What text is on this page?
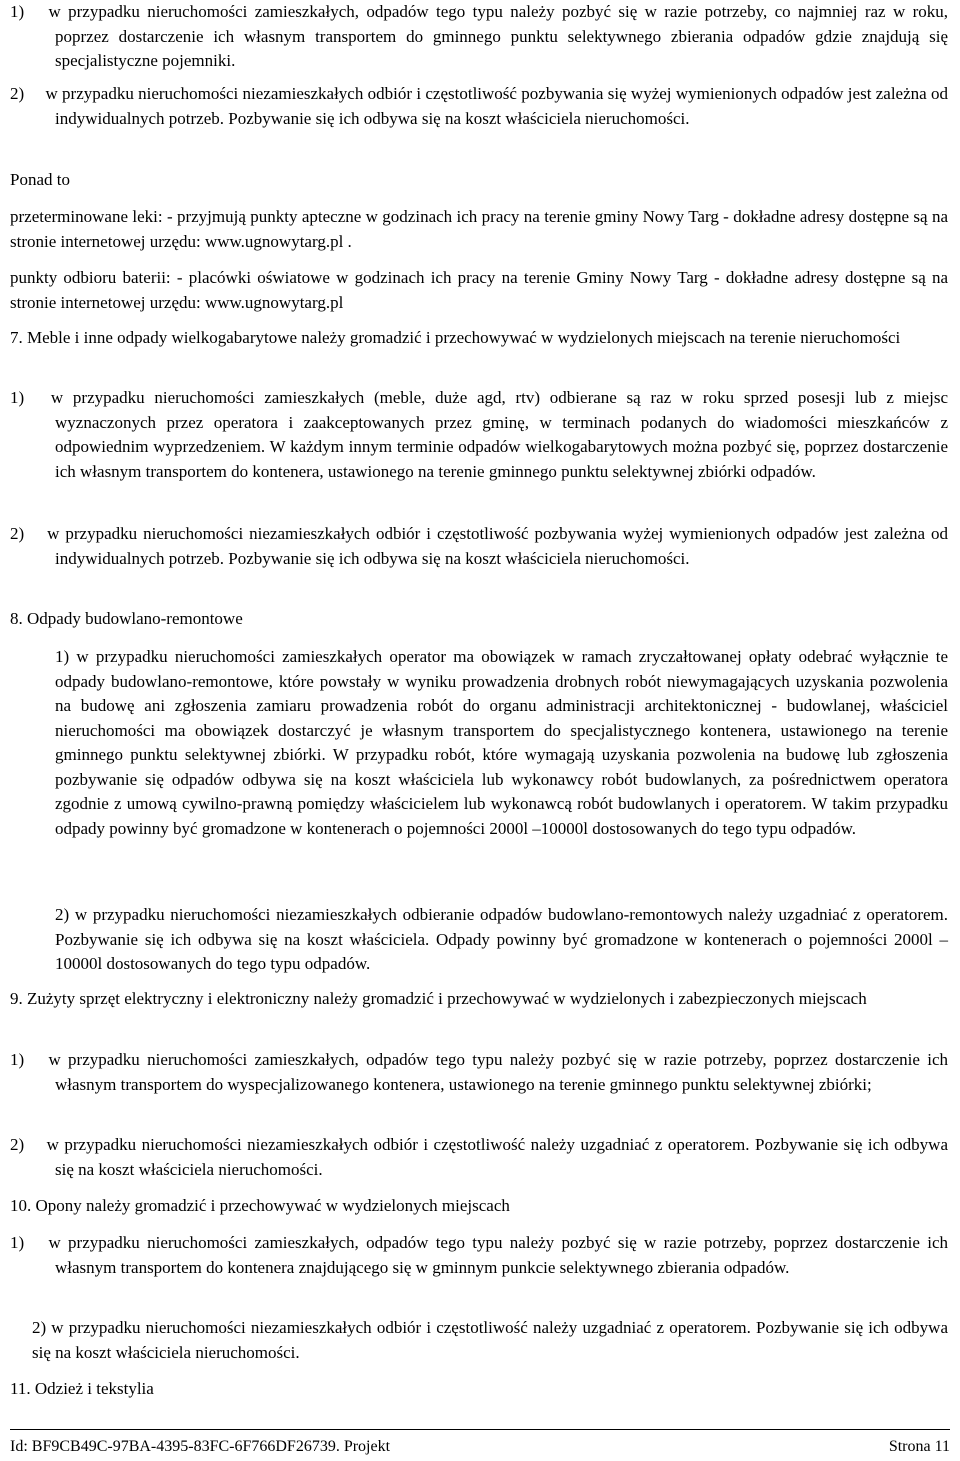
1)  w przypadku nieruchomości zamieszkałych, odpadów tego typu należy pozbyć się w razie potrzeby, co najmniej raz w roku, poprzez dostarczenie ich własnym transportem do gminnego punktu selektywnego zbierania odpadów gdzie znajdują się specjalistyczne pojemniki.

2)  w przypadku nieruchomości niezamieszkałych odbiór i częstotliwość pozbywania się wyżej wymienionych odpadów jest zależna od indywidualnych potrzeb. Pozbywanie się ich odbywa się na koszt właściciela nieruchomości.

Ponad to

przeterminowane leki: - przyjmują punkty apteczne w godzinach ich pracy na terenie gminy Nowy Targ - dokładne adresy dostępne są na stronie internetowej urzędu: www.ugnowytarg.pl .

punkty odbioru baterii: - placówki oświatowe w godzinach ich pracy na terenie Gminy Nowy Targ - dokładne adresy dostępne są na stronie internetowej urzędu: www.ugnowytarg.pl

7. Meble i inne odpady wielkogabarytowe należy gromadzić i przechowywać w wydzielonych miejscach na terenie nieruchomości

1)  w przypadku nieruchomości zamieszkałych (meble, duże agd, rtv) odbierane są raz w roku sprzed posesji lub z miejsc wyznaczonych przez operatora i zaakceptowanych przez gminę, w terminach podanych do wiadomości mieszkańców z odpowiednim wyprzedzeniem. W każdym innym terminie odpadów wielkogabarytowych można pozbyć się, poprzez dostarczenie ich własnym transportem do kontenera, ustawionego na terenie gminnego punktu selektywnej zbiórki odpadów.

2)  w przypadku nieruchomości niezamieszkałych odbiór i częstotliwość pozbywania wyżej wymienionych odpadów jest zależna od indywidualnych potrzeb. Pozbywanie się ich odbywa się na koszt właściciela nieruchomości.

8. Odpady budowlano-remontowe

1) w przypadku nieruchomości zamieszkałych operator ma obowiązek w ramach zryczałtowanej opłaty odebrać wyłącznie te odpady budowlano-remontowe, które powstały w wyniku prowadzenia drobnych robót niewymagających uzyskania pozwolenia na budowę ani zgłoszenia zamiaru prowadzenia robót do organu administracji architektonicznej - budowlanej, właściciel nieruchomości ma obowiązek dostarczyć je własnym transportem do specjalistycznego kontenera, ustawionego na terenie gminnego punktu selektywnej zbiórki. W przypadku robót, które wymagają uzyskania pozwolenia na budowę lub zgłoszenia pozbywanie się odpadów odbywa się na koszt właściciela lub wykonawcy robót budowlanych, za pośrednictwem operatora zgodnie z umową cywilno-prawną pomiędzy właścicielem lub wykonawcą robót budowlanych i operatorem. W takim przypadku odpady powinny być gromadzone w kontenerach o pojemności 2000l –10000l dostosowanych do tego typu odpadów.

2) w przypadku nieruchomości niezamieszkałych odbieranie odpadów budowlano-remontowych należy uzgadniać z operatorem. Pozbywanie się ich odbywa się na koszt właściciela. Odpady powinny być gromadzone w kontenerach o pojemności 2000l –10000l dostosowanych do tego typu odpadów.

9. Zużyty sprzęt elektryczny i elektroniczny należy gromadzić i przechowywać w wydzielonych i zabezpieczonych miejscach

1)  w przypadku nieruchomości zamieszkałych, odpadów tego typu należy pozbyć się w razie potrzeby, poprzez dostarczenie ich własnym transportem do wyspecjalizowanego kontenera, ustawionego na terenie gminnego punktu selektywnej zbiórki;

2)  w przypadku nieruchomości niezamieszkałych odbiór i częstotliwość należy uzgadniać z operatorem. Pozbywanie się ich odbywa się na koszt właściciela nieruchomości.

10. Opony należy gromadzić i przechowywać w wydzielonych miejscach

1)  w przypadku nieruchomości zamieszkałych, odpadów tego typu należy pozbyć się w razie potrzeby, poprzez dostarczenie ich własnym transportem do kontenera znajdującego się w gminnym punkcie selektywnego zbierania odpadów.

2) w przypadku nieruchomości niezamieszkałych odbiór i częstotliwość należy uzgadniać z operatorem. Pozbywanie się ich odbywa się na koszt właściciela nieruchomości.

11. Odzież i tekstylia

Id: BF9CB49C-97BA-4395-83FC-6F766DF26739. Projekt	Strona 11
